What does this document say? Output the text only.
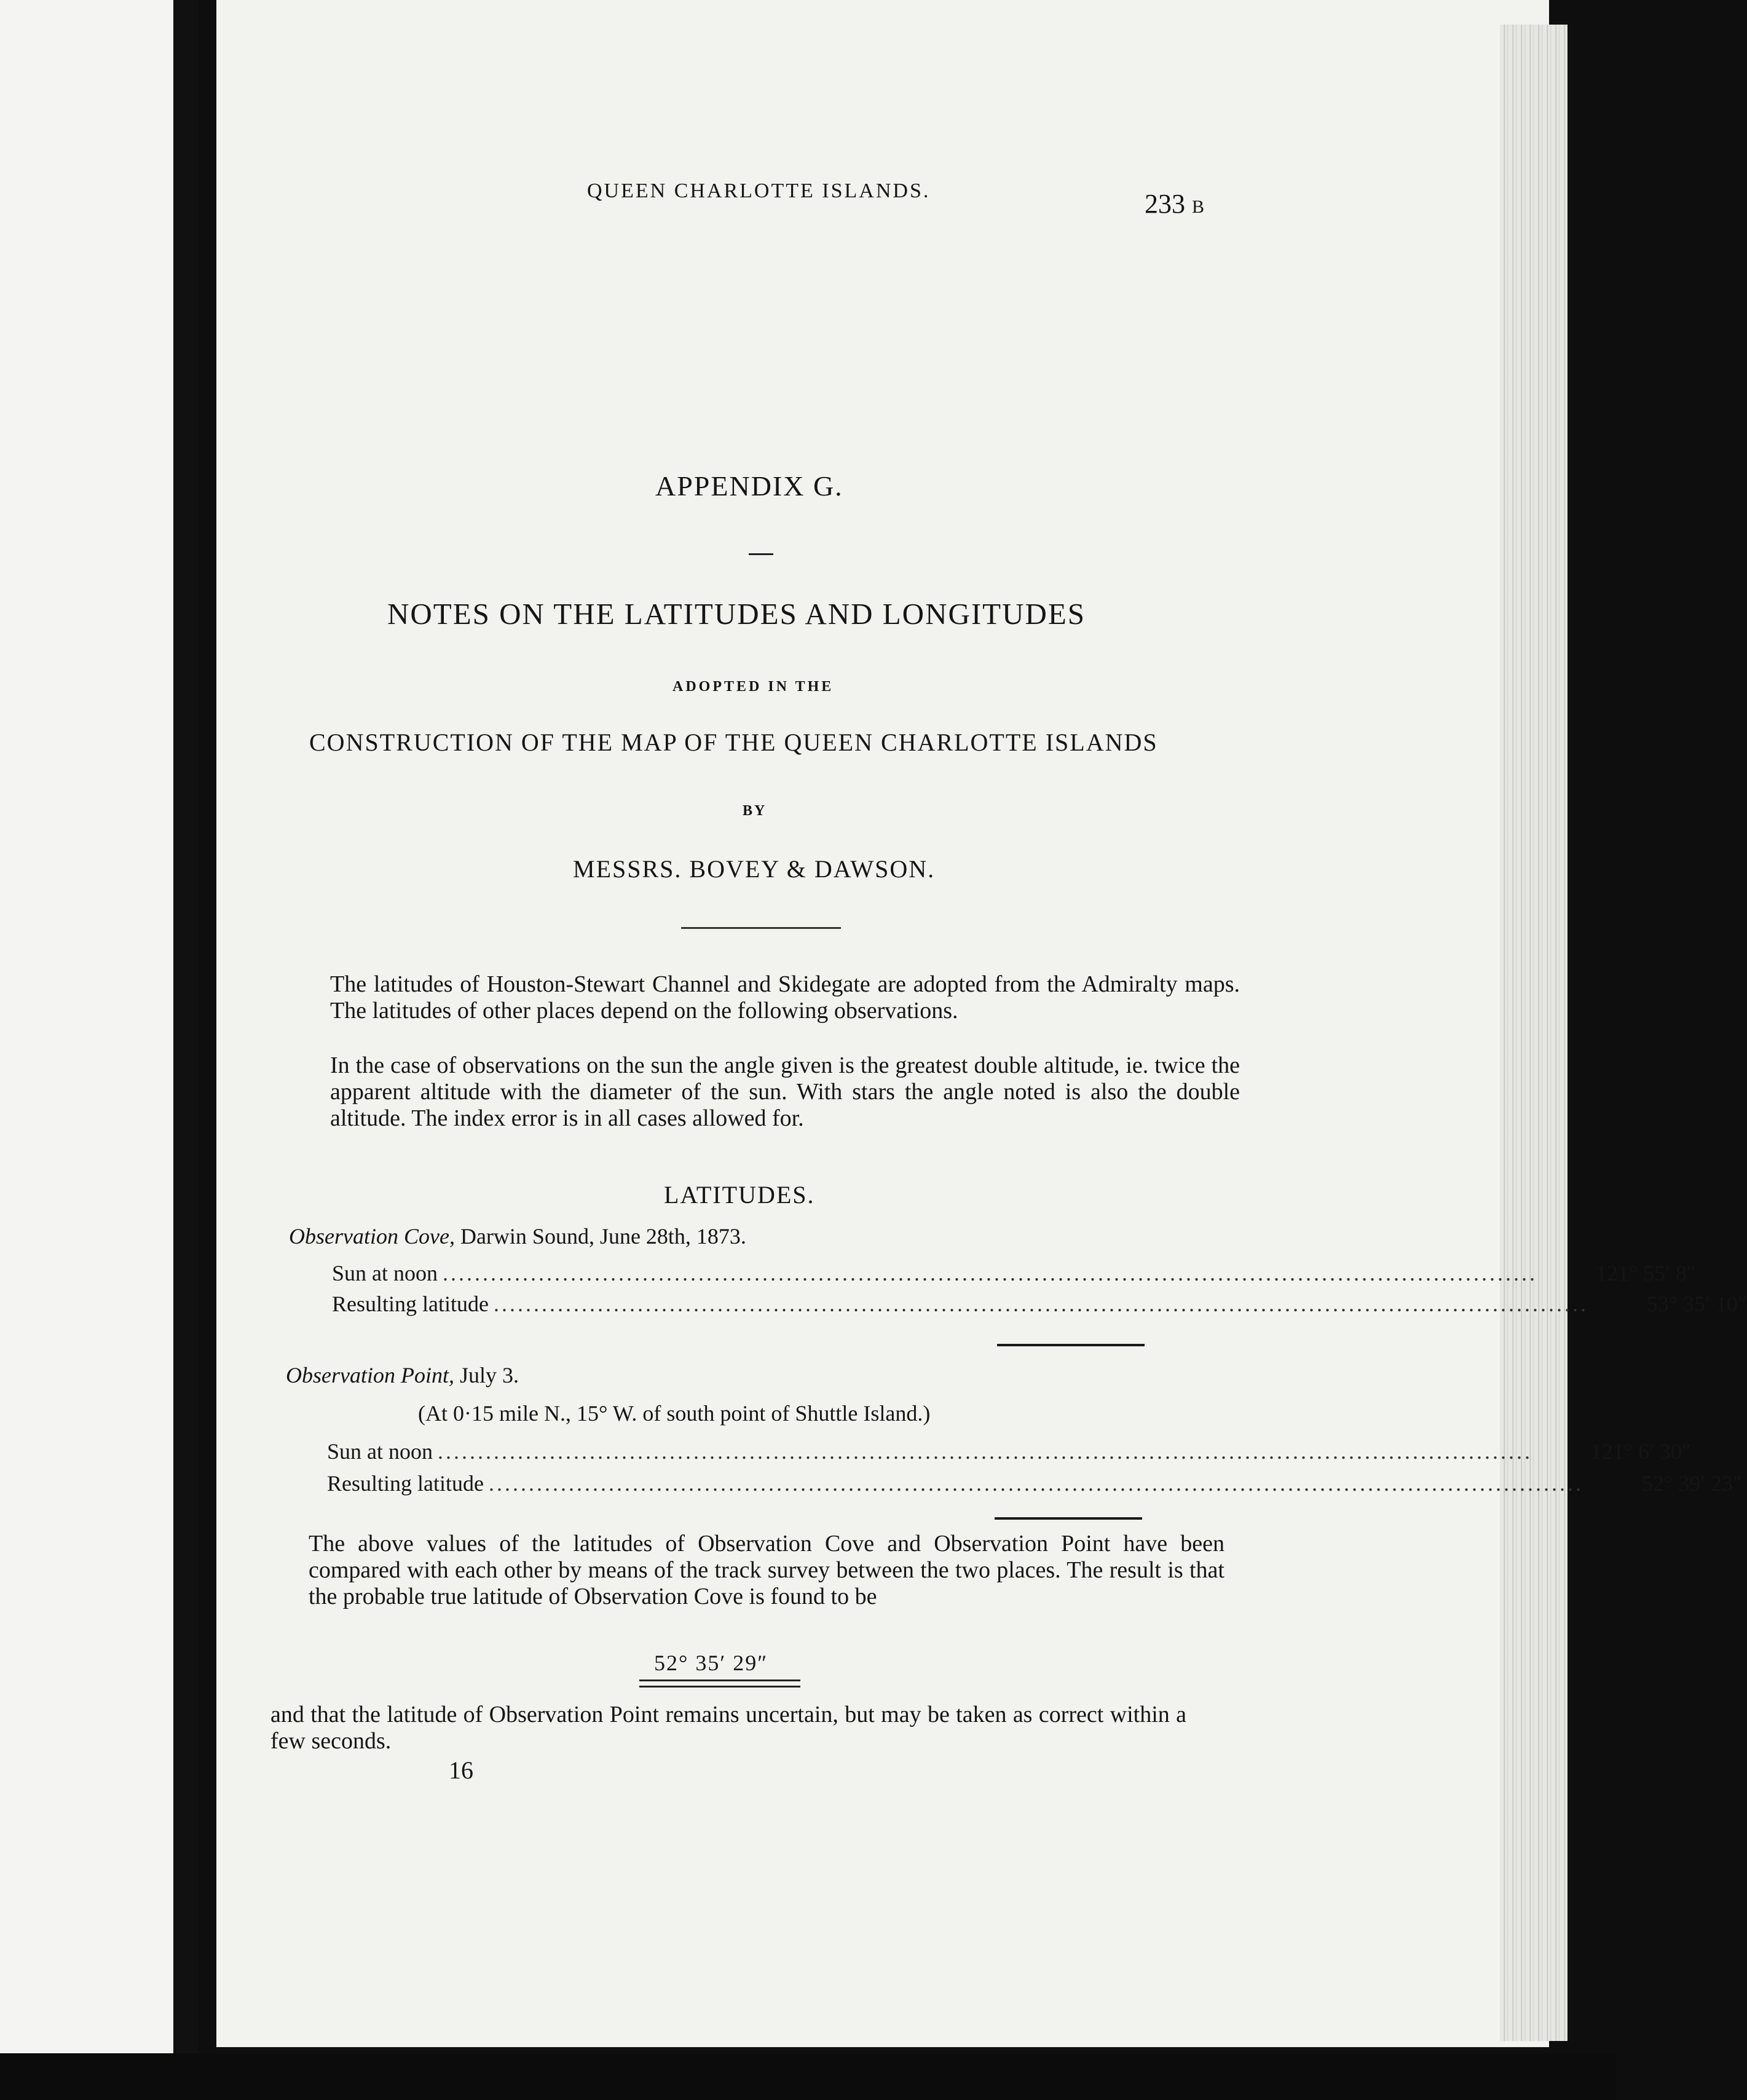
QUEEN CHARLOTTE ISLANDS.	233 B
APPENDIX G.
NOTES ON THE LATITUDES AND LONGITUDES
ADOPTED IN THE
CONSTRUCTION OF THE MAP OF THE QUEEN CHARLOTTE ISLANDS
BY
MESSRS. BOVEY & DAWSON.
The latitudes of Houston-Stewart Channel and Skidegate are adopted from the Admiralty maps. The latitudes of other places depend on the following observations.
In the case of observations on the sun the angle given is the greatest double altitude, ie. twice the apparent altitude with the diameter of the sun. With stars the angle noted is also the double altitude. The index error is in all cases allowed for.
LATITUDES.
Observation Cove, Darwin Sound, June 28th, 1873.
Sun at noon .........................................................................................................................................	121° 55′ 8″
Resulting latitude .........................................................................................................................................	53° 35′ 10″
Observation Point, July 3.
(At 0·15 mile N., 15° W. of south point of Shuttle Island.)
Sun at noon .........................................................................................................................................	121° 6′ 30″
Resulting latitude .........................................................................................................................................	52° 39′ 23″
The above values of the latitudes of Observation Cove and Observation Point have been compared with each other by means of the track survey between the two places. The result is that the probable true latitude of Observation Cove is found to be
52° 35′ 29″
and that the latitude of Observation Point remains uncertain, but may be taken as correct within a few seconds.
16
